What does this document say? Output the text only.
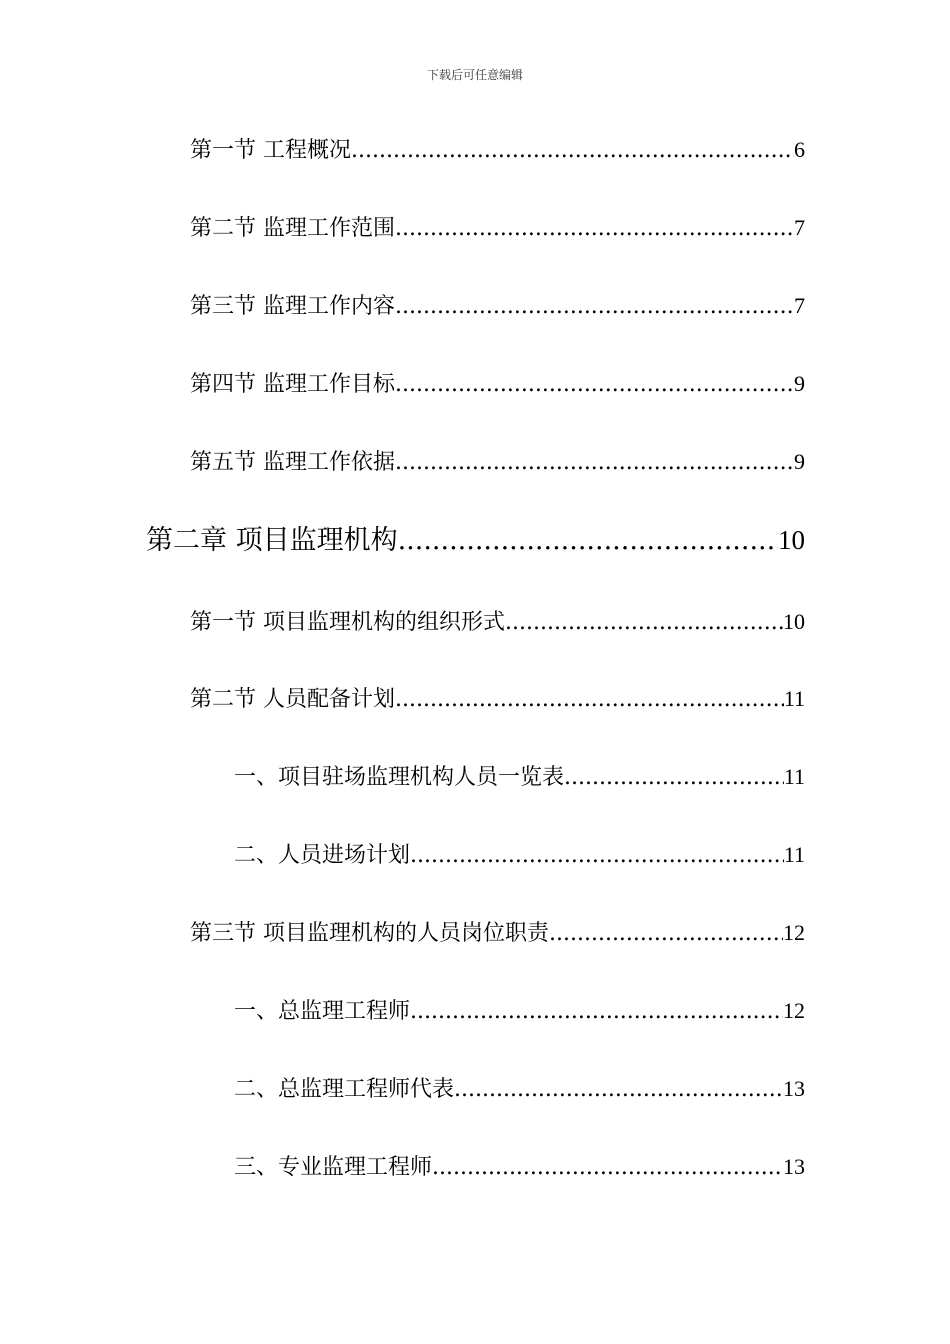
下载后可任意编辑
第一节 工程概况 .....	6
第二节 监理工作范围 .....	7
第三节 监理工作内容 .....	7
第四节 监理工作目标 .....	9
第五节 监理工作依据 .....	9
第二章 项目监理机构 .....	10
第一节 项目监理机构的组织形式 .....	10
第二节 人员配备计划 .....	11
一、项目驻场监理机构人员一览表 .....	11
二、人员进场计划 .....	11
第三节 项目监理机构的人员岗位职责 .....	12
一、总监理工程师 .....	12
二、总监理工程师代表 .....	13
三、专业监理工程师 .....	13
